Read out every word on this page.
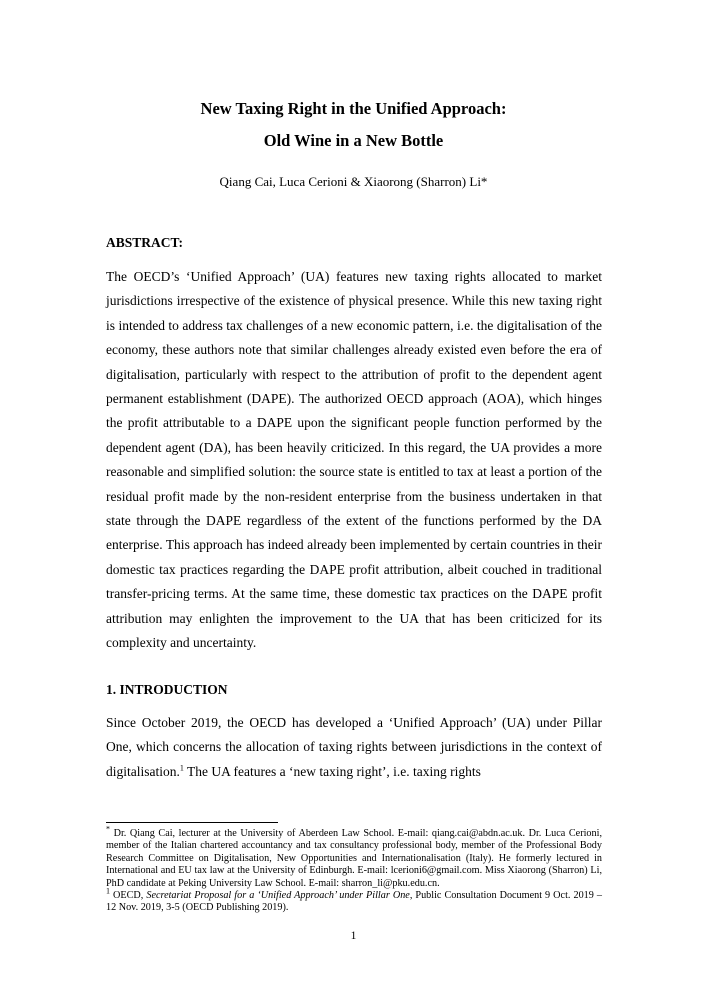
New Taxing Right in the Unified Approach:
Old Wine in a New Bottle
Qiang Cai, Luca Cerioni & Xiaorong (Sharron) Li*
ABSTRACT:

The OECD’s ‘Unified Approach’ (UA) features new taxing rights allocated to market jurisdictions irrespective of the existence of physical presence. While this new taxing right is intended to address tax challenges of a new economic pattern, i.e. the digitalisation of the economy, these authors note that similar challenges already existed even before the era of digitalisation, particularly with respect to the attribution of profit to the dependent agent permanent establishment (DAPE). The authorized OECD approach (AOA), which hinges the profit attributable to a DAPE upon the significant people function performed by the dependent agent (DA), has been heavily criticized. In this regard, the UA provides a more reasonable and simplified solution: the source state is entitled to tax at least a portion of the residual profit made by the non-resident enterprise from the business undertaken in that state through the DAPE regardless of the extent of the functions performed by the DA enterprise. This approach has indeed already been implemented by certain countries in their domestic tax practices regarding the DAPE profit attribution, albeit couched in traditional transfer-pricing terms. At the same time, these domestic tax practices on the DAPE profit attribution may enlighten the improvement to the UA that has been criticized for its complexity and uncertainty.

1. INTRODUCTION

Since October 2019, the OECD has developed a ‘Unified Approach’ (UA) under Pillar One, which concerns the allocation of taxing rights between jurisdictions in the context of digitalisation.$^1$ The UA features a ‘new taxing right’, i.e. taxing rights

* Dr. Qiang Cai, lecturer at the University of Aberdeen Law School. E-mail: qiang.cai@abdn.ac.uk. Dr. Luca Cerioni, member of the Italian chartered accountancy and tax consultancy professional body, member of the Professional Body Research Committee on Digitalisation, New Opportunities and Internationalisation (Italy). He formerly lectured in International and EU tax law at the University of Edinburgh. E-mail: lcerioni6@gmail.com. Miss Xiaorong (Sharron) Li, PhD candidate at Peking University Law School. E-mail: sharron_li@pku.edu.cn.

$^1$ OECD, Secretariat Proposal for a ‘Unified Approach’ under Pillar One, Public Consultation Document 9 Oct. 2019 – 12 Nov. 2019, 3-5 (OECD Publishing 2019).

1
